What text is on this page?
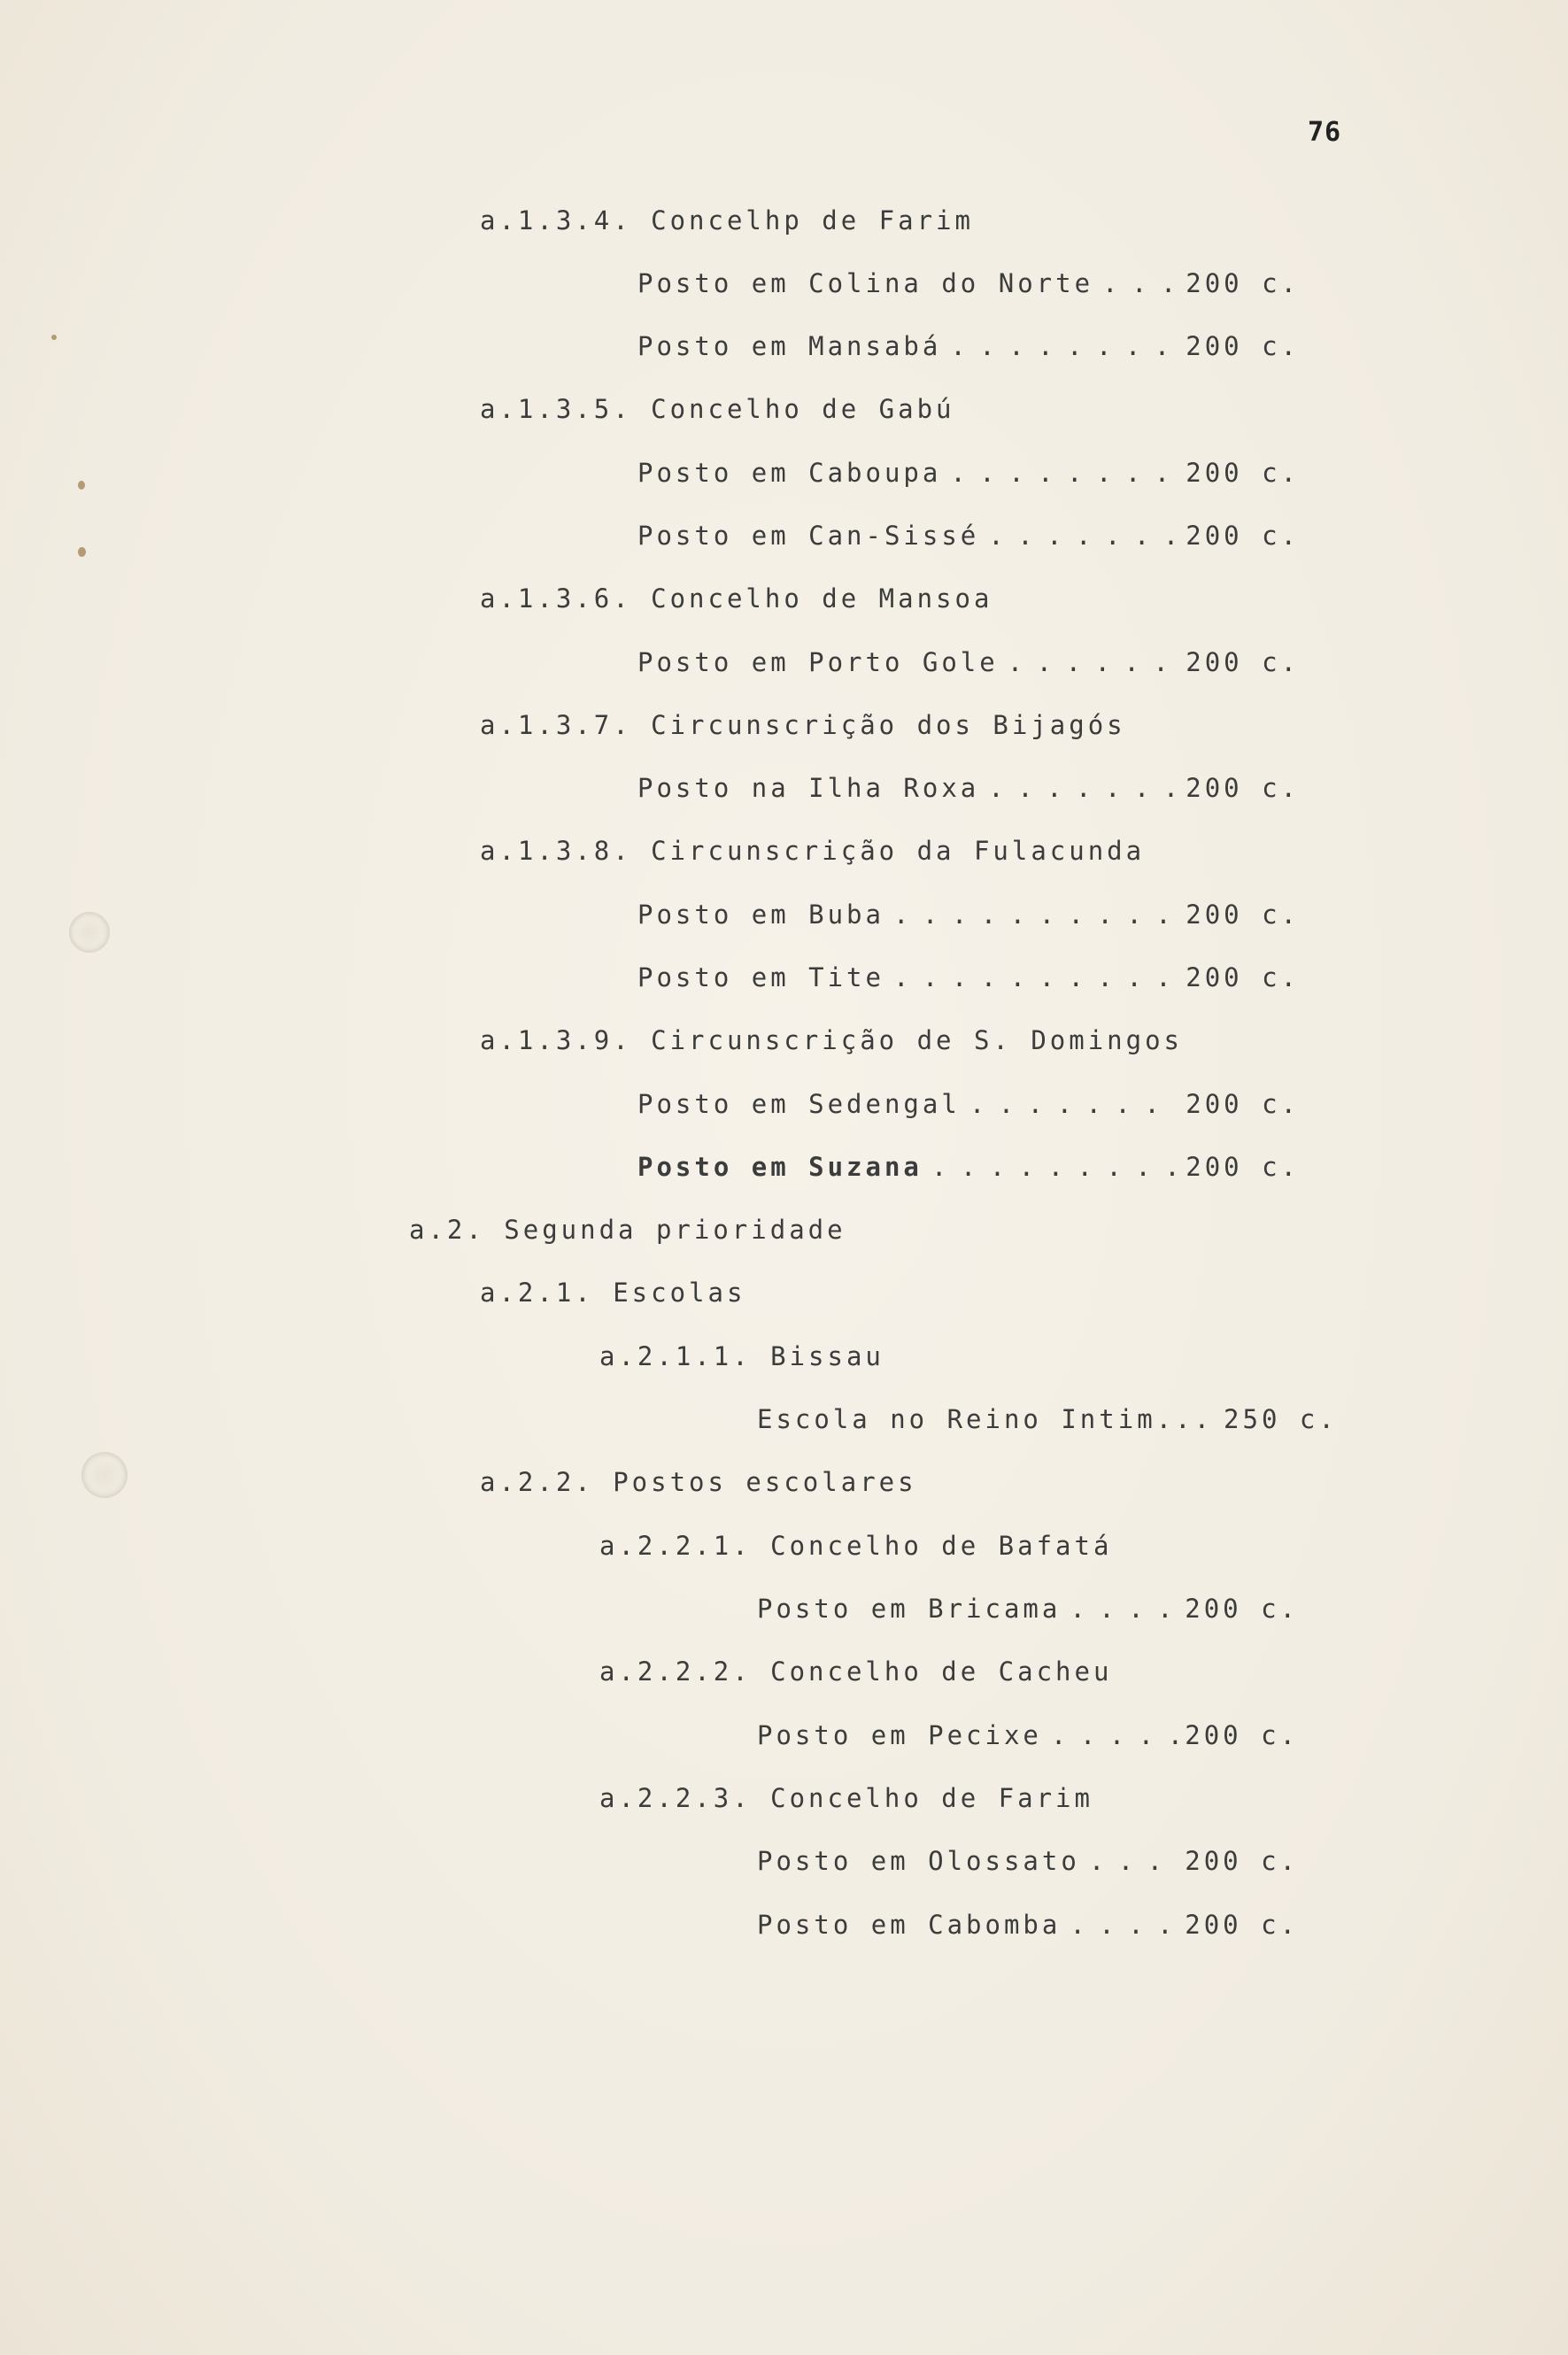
76
a.1.3.4. Concelhp de Farim
Posto em Colina do Norte . . .	200 c.
Posto em Mansabá . . .	200 c.
a.1.3.5. Concelho de Gabú
Posto em Caboupa . . .	200 c.
Posto em Can-Sissé . . .	200 c.
a.1.3.6. Concelho de Mansoa
Posto em Porto Gole . . .	200 c.
a.1.3.7. Circunscrição dos Bijagós
Posto na Ilha Roxa . . .	200 c.
a.1.3.8. Circunscrição da Fulacunda
Posto em Buba . . .	200 c.
Posto em Tite . . .	200 c.
a.1.3.9. Circunscrição de S. Domingos
Posto em Sedengal . . .	200 c.
Posto em Suzana . . .	200 c.
a.2. Segunda prioridade
a.2.1. Escolas
a.2.1.1. Bissau
Escola no Reino Intim... 250 c.
a.2.2. Postos escolares
a.2.2.1. Concelho de Bafatá
Posto em Bricama . . .	200 c.
a.2.2.2. Concelho de Cacheu
Posto em Pecixe . . .	200 c.
a.2.2.3. Concelho de Farim
Posto em Olossato . . .	200 c.
Posto em Cabomba . . .	200 c.
